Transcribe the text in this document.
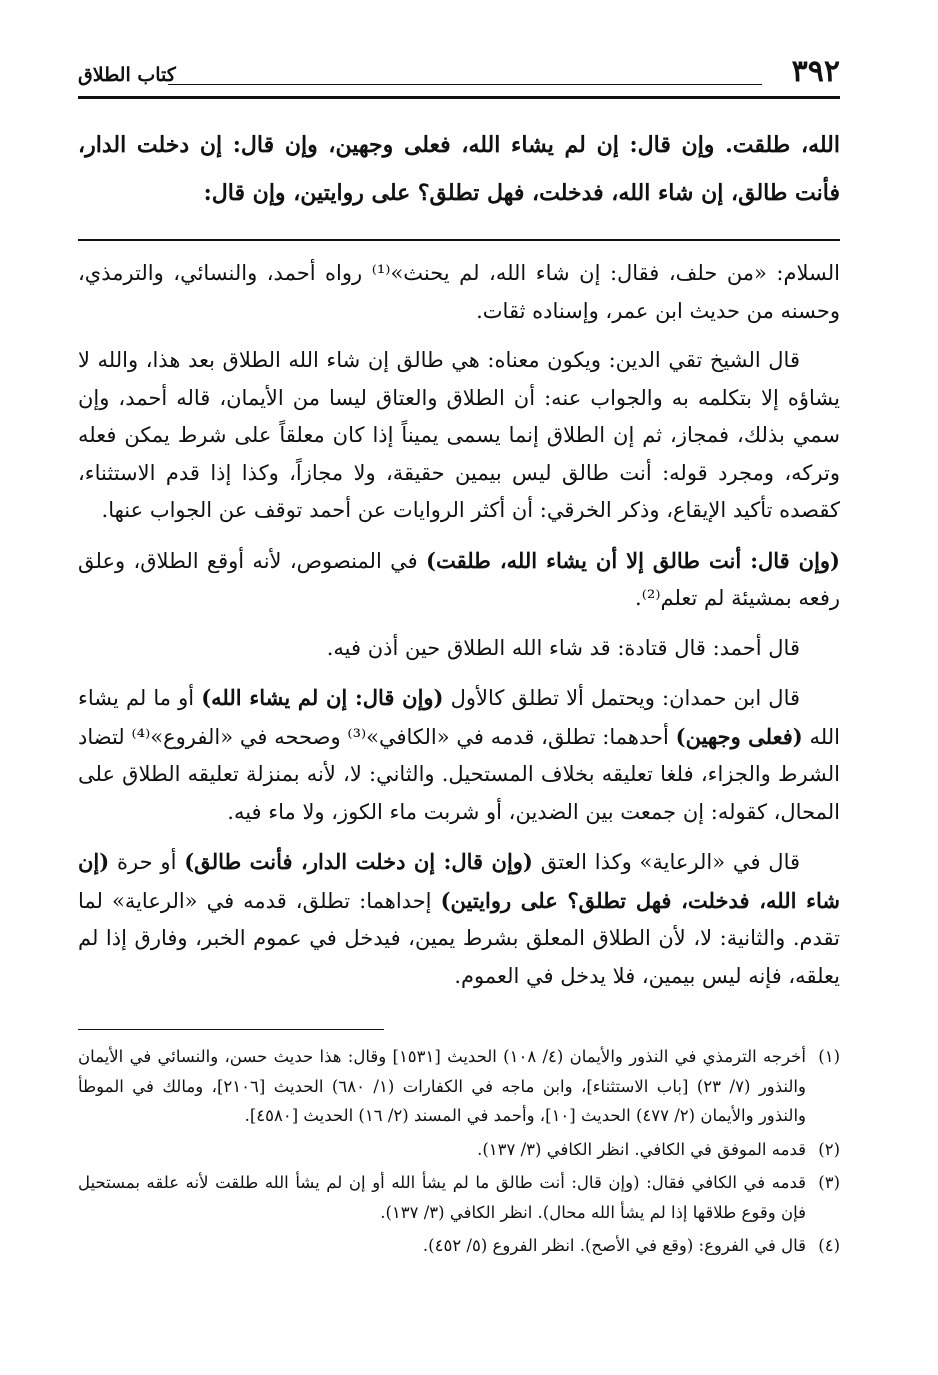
٣٩٢
كتاب الطلاق
الله، طلقت. وإن قال: إن لم يشاء الله، فعلى وجهين، وإن قال: إن دخلت الدار، فأنت طالق، إن شاء الله، فدخلت، فهل تطلق؟ على روايتين، وإن قال:

السلام: «من حلف، فقال: إن شاء الله، لم يحنث»⁽¹⁾ رواه أحمد، والنسائي، والترمذي، وحسنه من حديث ابن عمر، وإسناده ثقات.

قال الشيخ تقي الدين: ويكون معناه: هي طالق إن شاء الله الطلاق بعد هذا، والله لا يشاؤه إلا بتكلمه به والجواب عنه: أن الطلاق والعتاق ليسا من الأيمان، قاله أحمد، وإن سمي بذلك، فمجاز، ثم إن الطلاق إنما يسمى يميناً إذا كان معلقاً على شرط يمكن فعله وتركه، ومجرد قوله: أنت طالق ليس بيمين حقيقة، ولا مجازاً، وكذا إذا قدم الاستثناء، كقصده تأكيد الإيقاع، وذكر الخرقي: أن أكثر الروايات عن أحمد توقف عن الجواب عنها.

(وإن قال: أنت طالق إلا أن يشاء الله، طلقت) في المنصوص، لأنه أوقع الطلاق، وعلق رفعه بمشيئة لم تعلم⁽²⁾.

قال أحمد: قال قتادة: قد شاء الله الطلاق حين أذن فيه.

قال ابن حمدان: ويحتمل ألا تطلق كالأول (وإن قال: إن لم يشاء الله) أو ما لم يشاء الله (فعلى وجهين) أحدهما: تطلق، قدمه في «الكافي»⁽³⁾ وصححه في «الفروع»⁽⁴⁾ لتضاد الشرط والجزاء، فلغا تعليقه بخلاف المستحيل. والثاني: لا، لأنه بمنزلة تعليقه الطلاق على المحال، كقوله: إن جمعت بين الضدين، أو شربت ماء الكوز، ولا ماء فيه.

قال في «الرعاية» وكذا العتق (وإن قال: إن دخلت الدار، فأنت طالق) أو حرة (إن شاء الله، فدخلت، فهل تطلق؟ على روايتين) إحداهما: تطلق، قدمه في «الرعاية» لما تقدم. والثانية: لا، لأن الطلاق المعلق بشرط يمين، فيدخل في عموم الخبر، وفارق إذا لم يعلقه، فإنه ليس بيمين، فلا يدخل في العموم.

(١)
أخرجه الترمذي في النذور والأيمان (٤/ ١٠٨) الحديث [١٥٣١] وقال: هذا حديث حسن، والنسائي في الأيمان والنذور (٧/ ٢٣) [باب الاستثناء]، وابن ماجه في الكفارات (١/ ٦٨٠) الحديث [٢١٠٦]، ومالك في الموطأ والنذور والأيمان (٢/ ٤٧٧) الحديث [١٠]، وأحمد في المسند (٢/ ١٦) الحديث [٤٥٨٠].
(٢)
قدمه الموفق في الكافي. انظر الكافي (٣/ ١٣٧).
(٣)
قدمه في الكافي فقال: (وإن قال: أنت طالق ما لم يشأ الله أو إن لم يشأ الله طلقت لأنه علقه بمستحيل فإن وقوع طلاقها إذا لم يشأ الله محال). انظر الكافي (٣/ ١٣٧).
(٤)
قال في الفروع: (وقع في الأصح). انظر الفروع (٥/ ٤٥٢).
